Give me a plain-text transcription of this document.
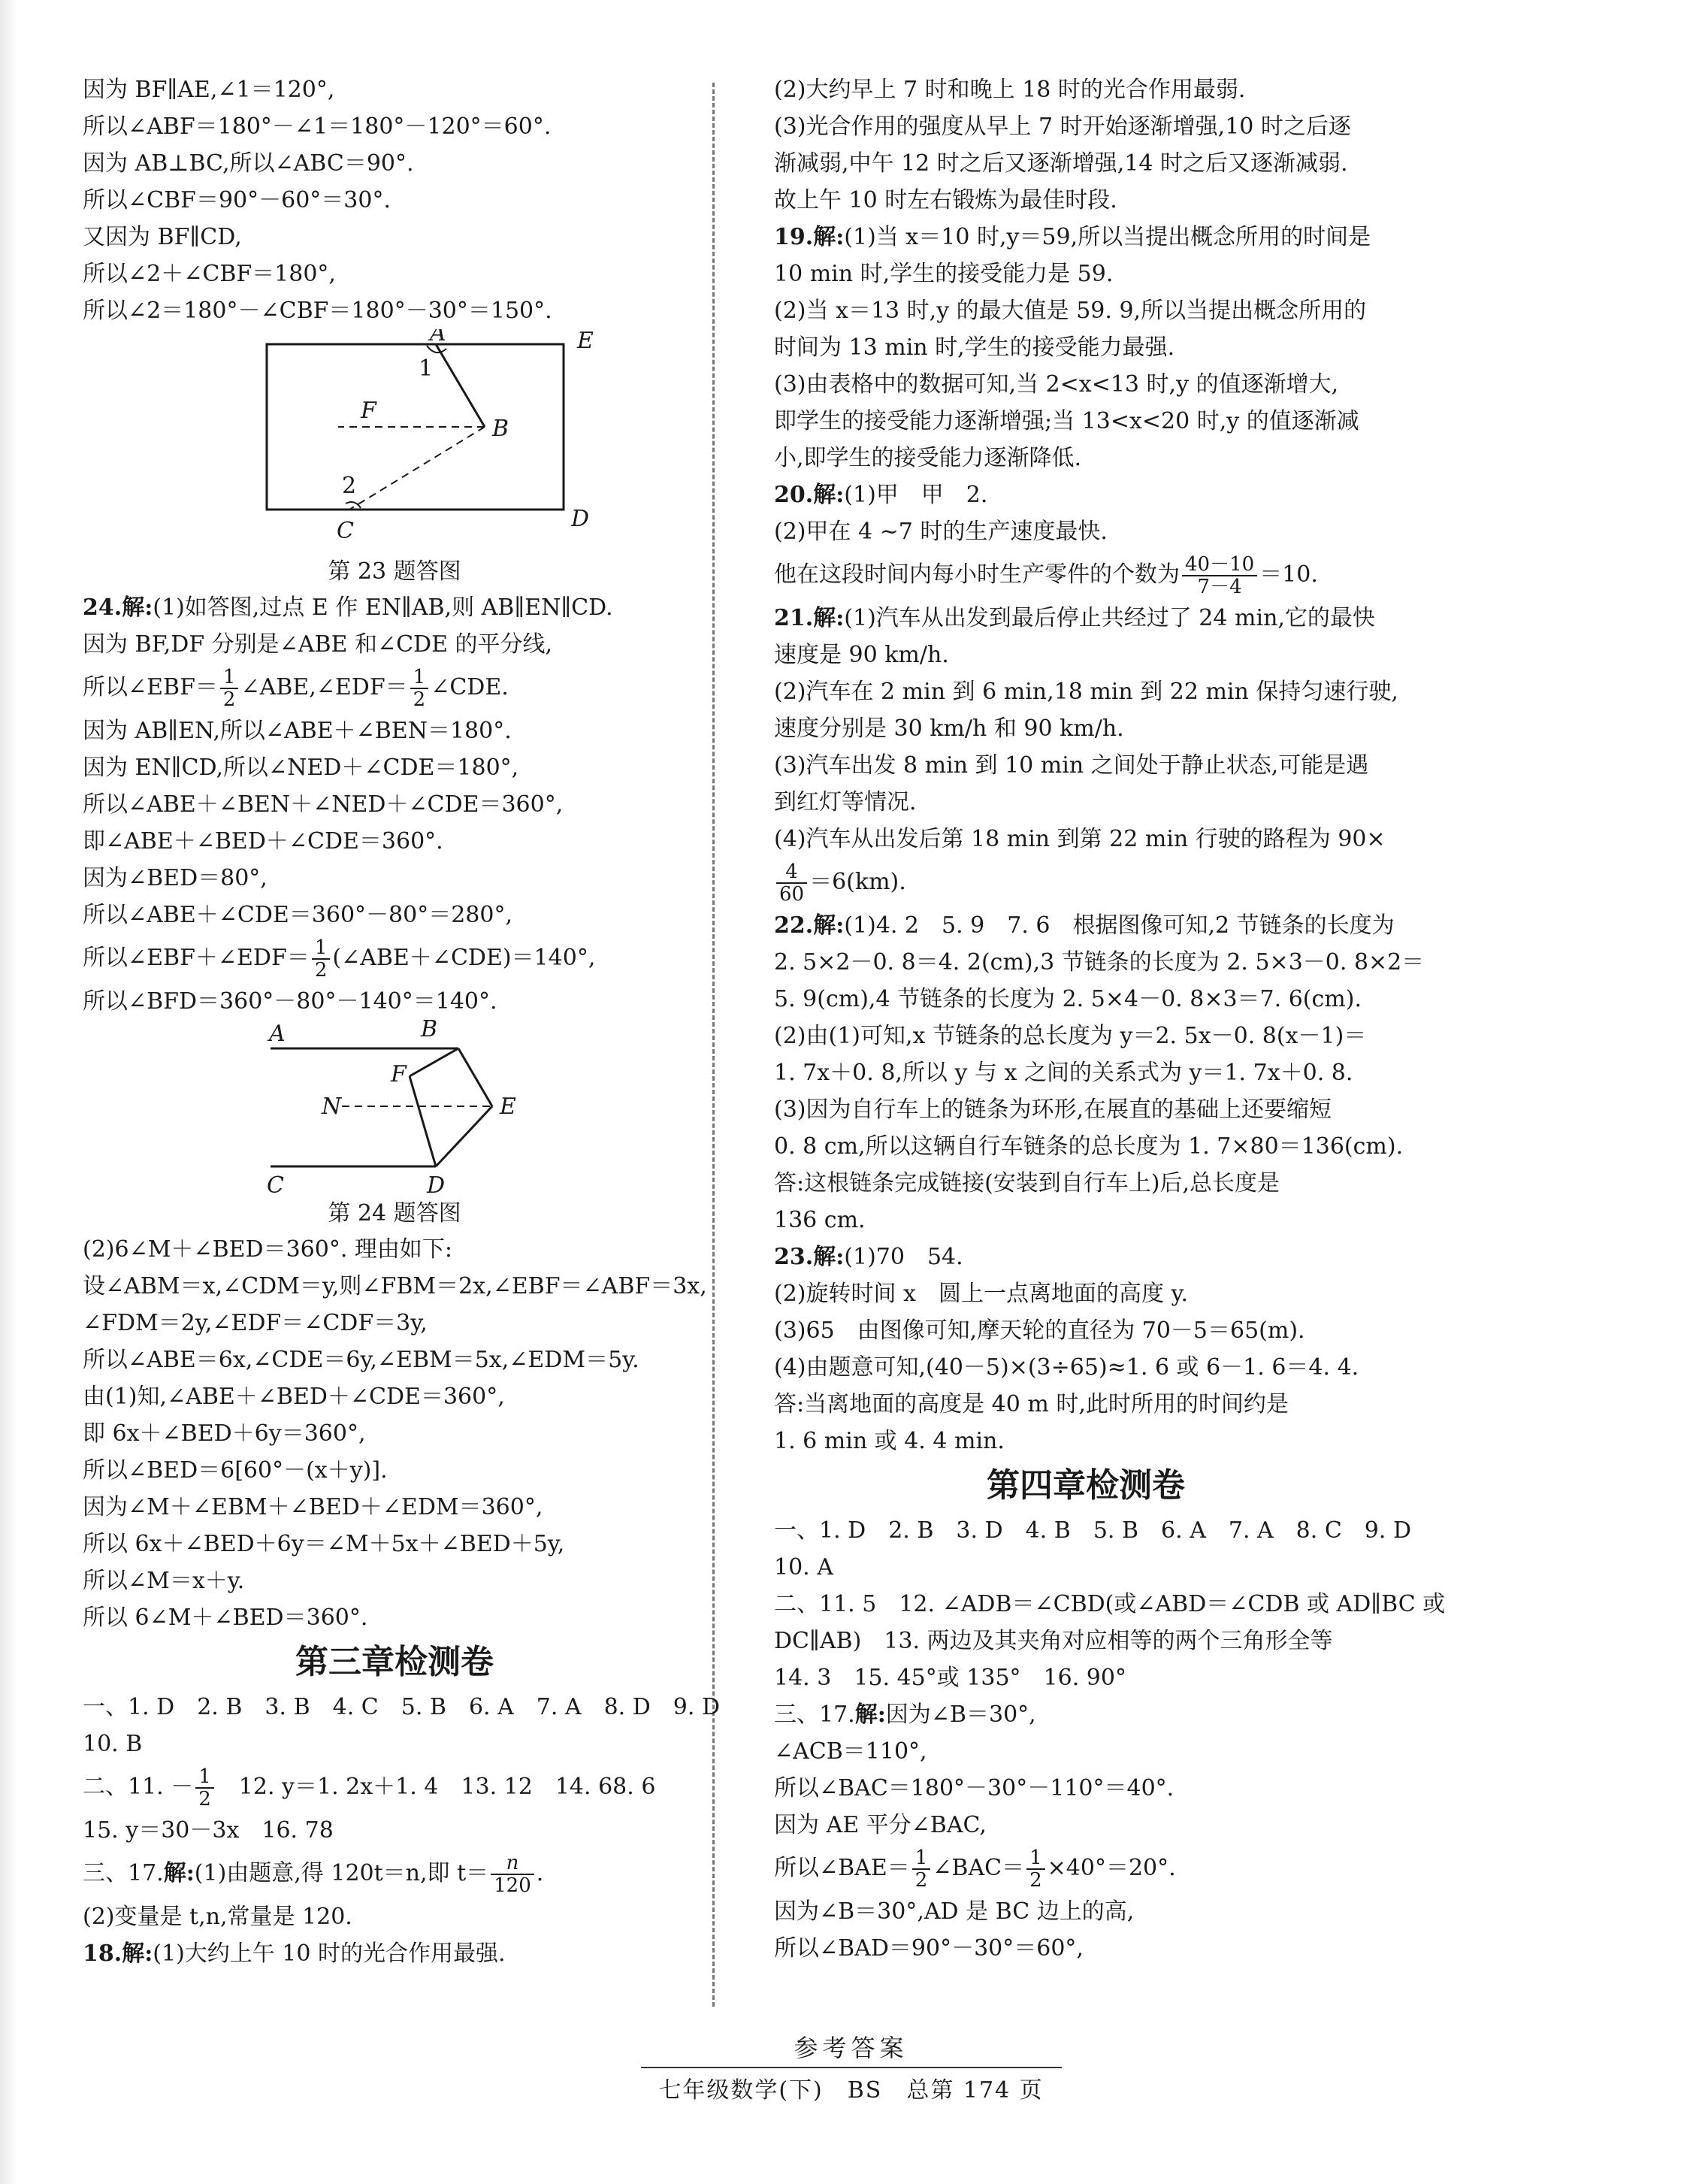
因为 BF∥AE,∠1＝120°,
所以∠ABF＝180°－∠1＝180°－120°＝60°.
因为 AB⊥BC,所以∠ABC＝90°.
所以∠CBF＝90°－60°＝30°.
又因为 BF∥CD,
所以∠2＋∠CBF＝180°,
所以∠2＝180°－∠CBF＝180°－30°＝150°.
A	E
1
F
B
2
C	D
第 23 题答图
24.解:(1)如答图,过点 E 作 EN∥AB,则 AB∥EN∥CD.
因为 BF,DF 分别是∠ABE 和∠CDE 的平分线,
所以∠EBF＝ $\frac{1}{2}$ ∠ABE,∠EDF＝ $\frac{1}{2}$ ∠CDE.
因为 AB∥EN,所以∠ABE＋∠BEN＝180°.
因为 EN∥CD,所以∠NED＋∠CDE＝180°,
所以∠ABE＋∠BEN＋∠NED＋∠CDE＝360°,
即∠ABE＋∠BED＋∠CDE＝360°.
因为∠BED＝80°,
所以∠ABE＋∠CDE＝360°－80°＝280°,
所以∠EBF＋∠EDF＝ $\frac{1}{2}$ (∠ABE＋∠CDE)＝140°,
所以∠BFD＝360°－80°－140°＝140°.
A	B
F
N	E
C	D
第 24 题答图
(2)6∠M＋∠BED＝360°. 理由如下:
设∠ABM＝x,∠CDM＝y,则∠FBM＝2x,∠EBF＝∠ABF＝3x,
∠FDM＝2y,∠EDF＝∠CDF＝3y,
所以∠ABE＝6x,∠CDE＝6y,∠EBM＝5x,∠EDM＝5y.
由(1)知,∠ABE＋∠BED＋∠CDE＝360°,
即 6x＋∠BED＋6y＝360°,
所以∠BED＝6[60°－(x＋y)].
因为∠M＋∠EBM＋∠BED＋∠EDM＝360°,
所以 6x＋∠BED＋6y＝∠M＋5x＋∠BED＋5y,
所以∠M＝x＋y.
所以 6∠M＋∠BED＝360°.
第三章检测卷
一、1. D　2. B　3. B　4. C　5. B　6. A　7. A　8. D　9. D
10. B
二、11. － $\frac{1}{2}$ 　12. y＝1. 2x＋1. 4　13. 12　14. 68. 6
15. y＝30－3x　16. 78
三、17.解:(1)由题意,得 120t＝n,即 $t= \frac{n}{120}$ .
(2)变量是 t,n,常量是 120.
18.解:(1)大约上午 10 时的光合作用最强.
(2)大约早上 7 时和晚上 18 时的光合作用最弱.
(3)光合作用的强度从早上 7 时开始逐渐增强,10 时之后逐
渐减弱,中午 12 时之后又逐渐增强,14 时之后又逐渐减弱.
故上午 10 时左右锻炼为最佳时段.
19.解:(1)当 x＝10 时,y＝59,所以当提出概念所用的时间是
10 min 时,学生的接受能力是 59.
(2)当 x＝13 时,y 的最大值是 59. 9,所以当提出概念所用的
时间为 13 min 时,学生的接受能力最强.
(3)由表格中的数据可知,当 2<x<13 时,y 的值逐渐增大,
即学生的接受能力逐渐增强;当 13<x<20 时,y 的值逐渐减
小,即学生的接受能力逐渐降低.
20.解:(1)甲　甲　2.
(2)甲在 4 ~7 时的生产速度最快.
他在这段时间内每小时生产零件的个数为 $\frac{40-10}{7-4} =10$.
21.解:(1)汽车从出发到最后停止共经过了 24 min,它的最快
速度是 90 km/h.
(2)汽车在 2 min 到 6 min,18 min 到 22 min 保持匀速行驶,
速度分别是 30 km/h 和 90 km/h.
(3)汽车出发 8 min 到 10 min 之间处于静止状态,可能是遇
到红灯等情况.
(4)汽车从出发后第 18 min 到第 22 min 行驶的路程为 90×
$\frac{4}{60} =6(km)$.
22.解:(1)4. 2　5. 9　7. 6　根据图像可知,2 节链条的长度为
2. 5×2－0. 8＝4. 2(cm),3 节链条的长度为 2. 5×3－0. 8×2＝
5. 9(cm),4 节链条的长度为 2. 5×4－0. 8×3＝7. 6(cm).
(2)由(1)可知,x 节链条的总长度为 y＝2. 5x－0. 8(x－1)＝
1. 7x＋0. 8,所以 y 与 x 之间的关系式为 y＝1. 7x＋0. 8.
(3)因为自行车上的链条为环形,在展直的基础上还要缩短
0. 8 cm,所以这辆自行车链条的总长度为 1. 7×80＝136(cm).
答:这根链条完成链接(安装到自行车上)后,总长度是
136 cm.
23.解:(1)70　54.
(2)旋转时间 x　圆上一点离地面的高度 y.
(3)65　由图像可知,摩天轮的直径为 70－5＝65(m).
(4)由题意可知,(40－5)×(3÷65)≈1. 6 或 6－1. 6＝4. 4.
答:当离地面的高度是 40 m 时,此时所用的时间约是
1. 6 min 或 4. 4 min.
第四章检测卷
一、1. D　2. B　3. D　4. B　5. B　6. A　7. A　8. C　9. D
10. A
二、11. 5　12. ∠ADB＝∠CBD(或∠ABD＝∠CDB 或 AD∥BC 或
DC∥AB)　13. 两边及其夹角对应相等的两个三角形全等
14. 3　15. 45°或 135°　16. 90°
三、17.解:因为∠B＝30°,
∠ACB＝110°,
所以∠BAC＝180°－30°－110°＝40°.
因为 AE 平分∠BAC,
所以∠BAE＝ $\frac{1}{2}$ ∠BAC＝ $\frac{1}{2} \times 40^\circ=20^\circ$.
因为∠B＝30°,AD 是 BC 边上的高,
所以∠BAD＝90°－30°＝60°,
参考答案
七年级数学(下)　BS　总第 174 页
